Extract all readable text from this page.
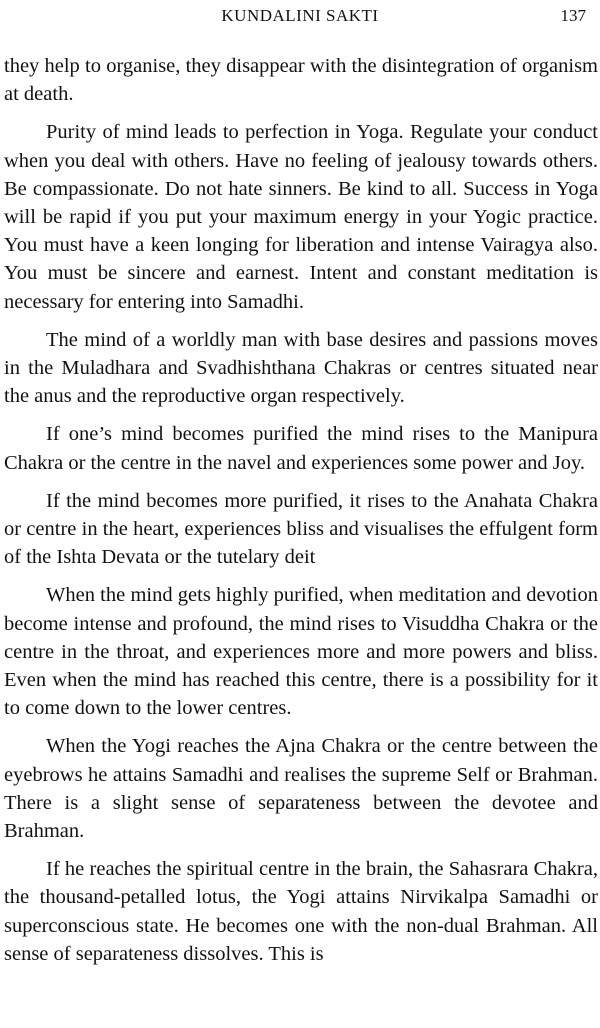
KUNDALINI SAKTI	137

they help to organise, they disappear with the disintegration of organism at death.

Purity of mind leads to perfection in Yoga. Regulate your conduct when you deal with others. Have no feeling of jealousy towards others. Be compassionate. Do not hate sinners. Be kind to all. Success in Yoga will be rapid if you put your maximum energy in your Yogic practice. You must have a keen longing for liberation and intense Vairagya also. You must be sincere and earnest. Intent and constant meditation is necessary for entering into Samadhi.

The mind of a worldly man with base desires and passions moves in the Muladhara and Svadhishthana Chakras or centres situated near the anus and the reproductive organ respectively.

If one’s mind becomes purified the mind rises to the Manipura Chakra or the centre in the navel and experiences some power and Joy.

If the mind becomes more purified, it rises to the Anahata Chakra or centre in the heart, experiences bliss and visualises the effulgent form of the Ishta Devata or the tutelary deit

When the mind gets highly purified, when meditation and devotion become intense and profound, the mind rises to Visuddha Chakra or the centre in the throat, and experiences more and more powers and bliss. Even when the mind has reached this centre, there is a possibility for it to come down to the lower centres.

When the Yogi reaches the Ajna Chakra or the centre between the eyebrows he attains Samadhi and realises the supreme Self or Brahman. There is a slight sense of separateness between the devotee and Brahman.

If he reaches the spiritual centre in the brain, the Sahasrara Chakra, the thousand-petalled lotus, the Yogi attains Nirvikalpa Samadhi or superconscious state. He becomes one with the non-dual Brahman. All sense of separateness dissolves. This is
